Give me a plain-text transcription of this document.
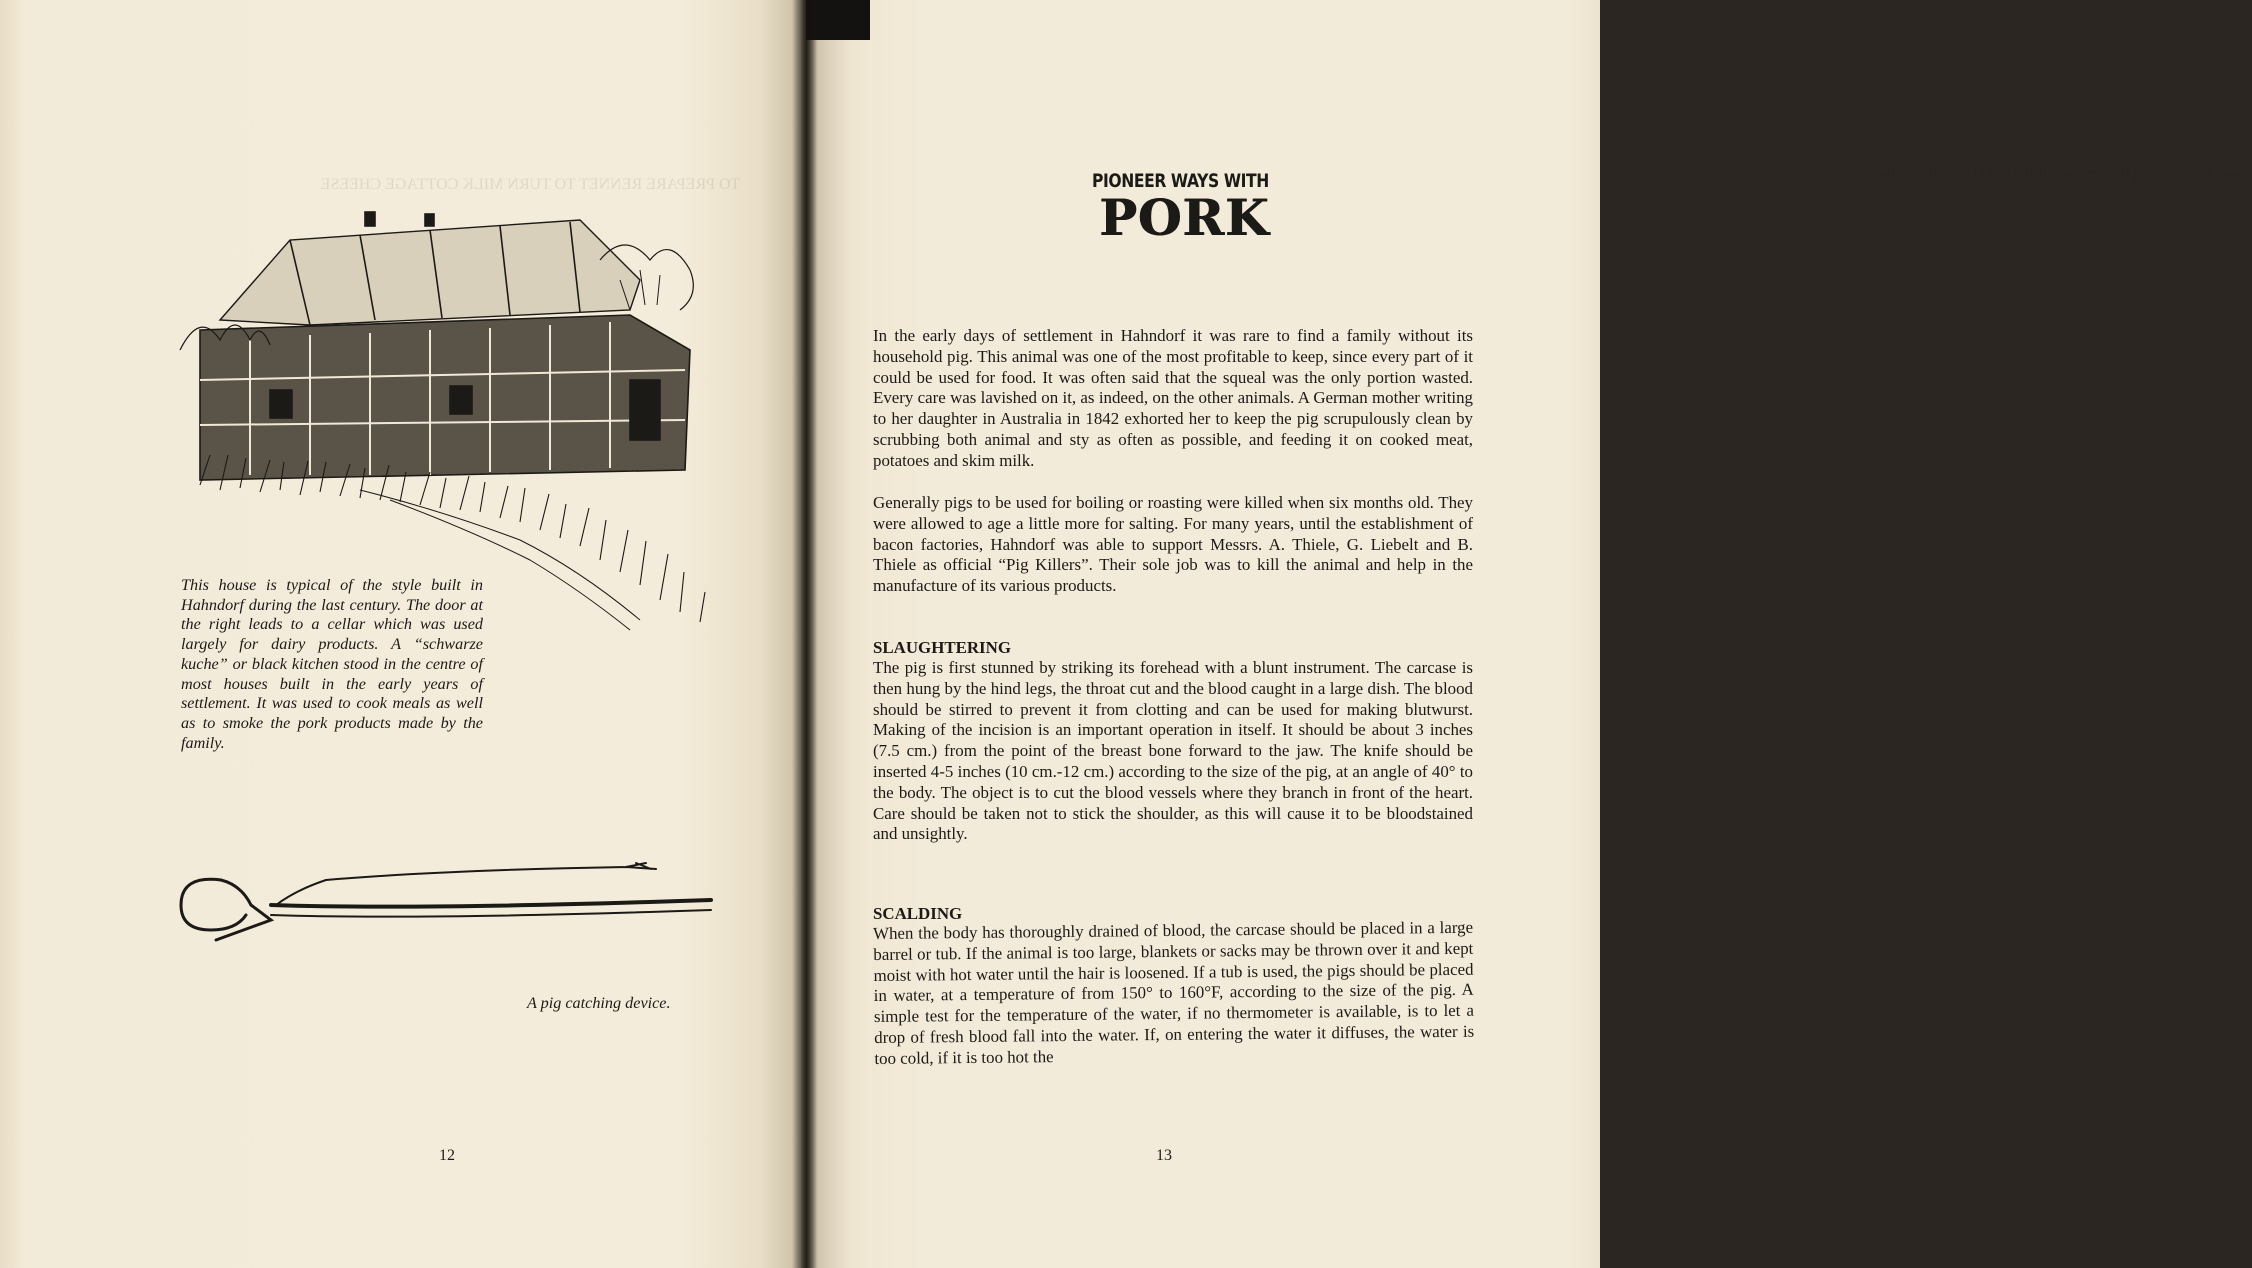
TO PREPARE RENNET TO TURN MILK COTTAGE CHEESE
This house is typical of the style built in Hahndorf during the last century. The door at the right leads to a cellar which was used largely for dairy products. A “schwarze kuche” or black kitchen stood in the centre of most houses built in the early years of settlement. It was used to cook meals as well as to smoke the pork products made by the family.
A pig catching device.
12
blood remains in a deep vessel. If the blood remains on the
PIONEER WAYS WITH
PORK
In the early days of settlement in Hahndorf it was rare to find a family without its household pig. This animal was one of the most profitable to keep, since every part of it could be used for food. It was often said that the squeal was the only portion wasted. Every care was lavished on it, as indeed, on the other animals. A German mother writing to her daughter in Australia in 1842 exhorted her to keep the pig scrupulously clean by scrubbing both animal and sty as often as possible, and feeding it on cooked meat, potatoes and skim milk.
Generally pigs to be used for boiling or roasting were killed when six months old. They were allowed to age a little more for salting. For many years, until the establishment of bacon factories, Hahndorf was able to support Messrs. A. Thiele, G. Liebelt and B. Thiele as official “Pig Killers”. Their sole job was to kill the animal and help in the manufacture of its various products.
SLAUGHTERING
The pig is first stunned by striking its forehead with a blunt instrument. The carcase is then hung by the hind legs, the throat cut and the blood caught in a large dish. The blood should be stirred to prevent it from clotting and can be used for making blutwurst. Making of the incision is an important operation in itself. It should be about 3 inches (7.5 cm.) from the point of the breast bone forward to the jaw. The knife should be inserted 4-5 inches (10 cm.-12 cm.) according to the size of the pig, at an angle of 40° to the body. The object is to cut the blood vessels where they branch in front of the heart. Care should be taken not to stick the shoulder, as this will cause it to be bloodstained and unsightly.
SCALDING
When the body has thoroughly drained of blood, the carcase should be placed in a large barrel or tub. If the animal is too large, blankets or sacks may be thrown over it and kept moist with hot water until the hair is loosened. If a tub is used, the pigs should be placed in water, at a temperature of from 150° to 160°F, according to the size of the pig. A simple test for the temperature of the water, if no thermometer is available, is to let a drop of fresh blood fall into the water. If, on entering the water it diffuses, the water is too cold, if it is too hot the
13
